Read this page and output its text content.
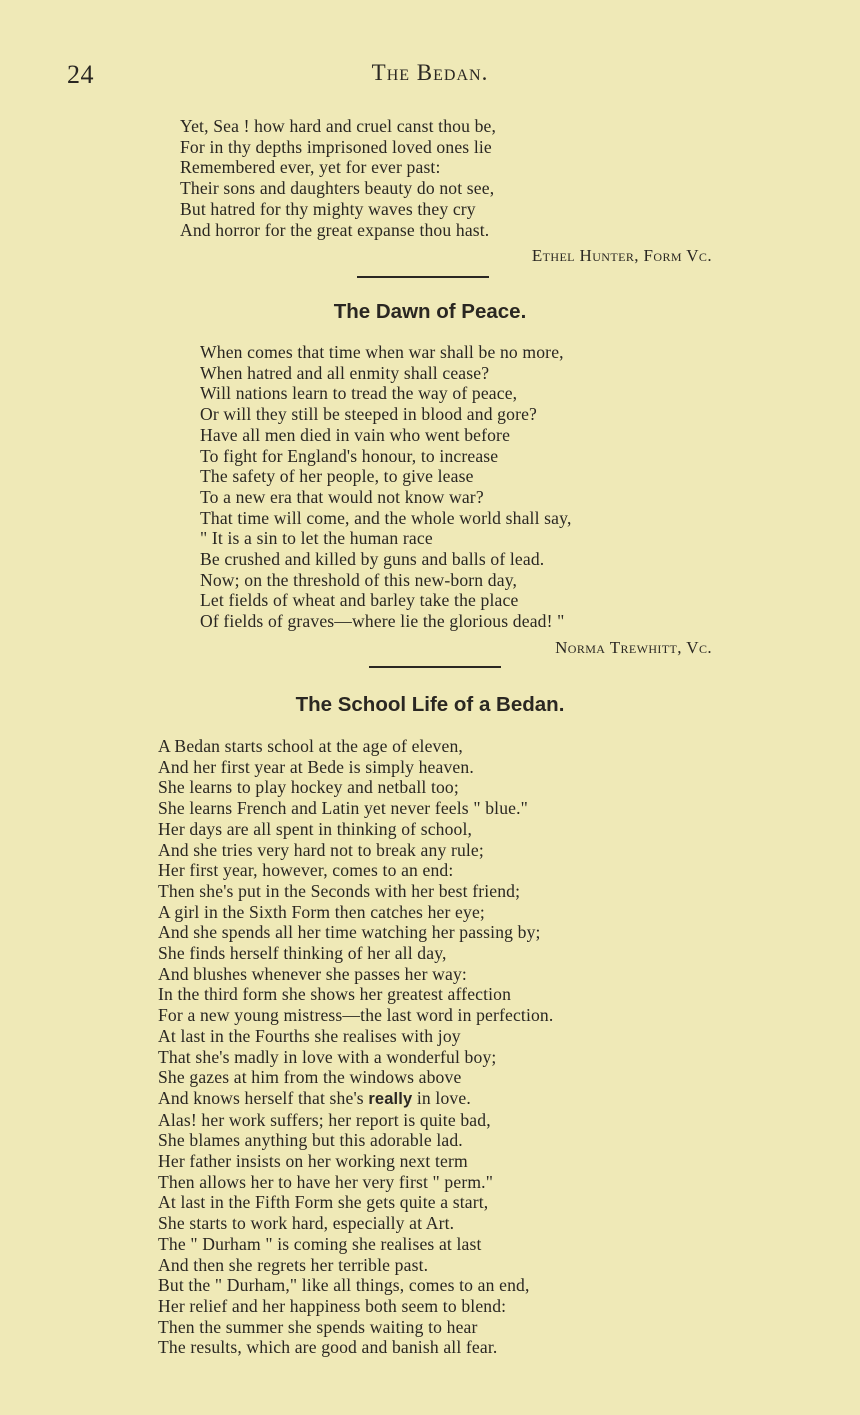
24	The Bedan.
Yet, Sea ! how hard and cruel canst thou be,
For in thy depths imprisoned loved ones lie
Remembered ever, yet for ever past:
Their sons and daughters beauty do not see,
But hatred for thy mighty waves they cry
And horror for the great expanse thou hast.
Ethel Hunter, Form Vc.
The Dawn of Peace.
When comes that time when war shall be no more,
When hatred and all enmity shall cease?
Will nations learn to tread the way of peace,
Or will they still be steeped in blood and gore?
Have all men died in vain who went before
To fight for England's honour, to increase
The safety of her people, to give lease
To a new era that would not know war?
That time will come, and the whole world shall say,
" It is a sin to let the human race
Be crushed and killed by guns and balls of lead.
Now; on the threshold of this new-born day,
Let fields of wheat and barley take the place
Of fields of graves—where lie the glorious dead! "
Norma Trewhitt, Vc.
The School Life of a Bedan.
A Bedan starts school at the age of eleven,
And her first year at Bede is simply heaven.
She learns to play hockey and netball too;
She learns French and Latin yet never feels " blue."
Her days are all spent in thinking of school,
And she tries very hard not to break any rule;
Her first year, however, comes to an end:
Then she's put in the Seconds with her best friend;
A girl in the Sixth Form then catches her eye;
And she spends all her time watching her passing by;
She finds herself thinking of her all day,
And blushes whenever she passes her way:
In the third form she shows her greatest affection
For a new young mistress—the last word in perfection.
At last in the Fourths she realises with joy
That she's madly in love with a wonderful boy;
She gazes at him from the windows above
And knows herself that she's really in love.
Alas! her work suffers; her report is quite bad,
She blames anything but this adorable lad.
Her father insists on her working next term
Then allows her to have her very first " perm."
At last in the Fifth Form she gets quite a start,
She starts to work hard, especially at Art.
The " Durham " is coming she realises at last
And then she regrets her terrible past.
But the " Durham," like all things, comes to an end,
Her relief and her happiness both seem to blend:
Then the summer she spends waiting to hear
The results, which are good and banish all fear.
